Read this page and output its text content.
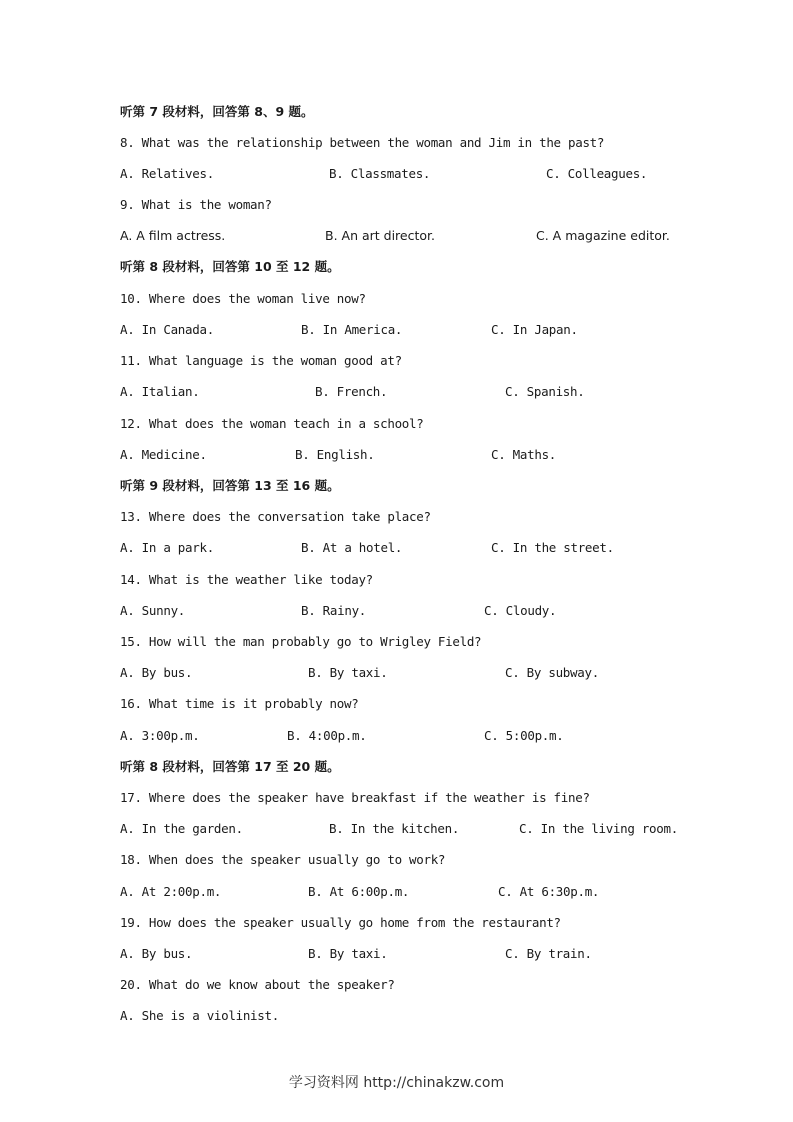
听第 7 段材料，回答第 8、9 题。
8. What was the relationship between the woman and Jim in the past?
A. Relatives.	B. Classmates.	C. Colleagues.
9. What is the woman?
A. A film actress.	B. An art director.	C. A magazine editor.
听第 8 段材料，回答第 10 至 12 题。
10. Where does the woman live now?
A. In Canada.	B. In America.	C. In Japan.
11. What language is the woman good at?
A. Italian.	B. French.	C. Spanish.
12. What does the woman teach in a school?
A. Medicine.	B. English.	C. Maths.
听第 9 段材料，回答第 13 至 16 题。
13. Where does the conversation take place?
A. In a park.	B. At a hotel.	C. In the street.
14. What is the weather like today?
A. Sunny.	B. Rainy.	C. Cloudy.
15. How will the man probably go to Wrigley Field?
A. By bus.	B. By taxi.	C. By subway.
16. What time is it probably now?
A. 3:00p.m.	B. 4:00p.m.	C. 5:00p.m.
听第 8 段材料，回答第 17 至 20 题。
17. Where does the speaker have breakfast if the weather is fine?
A. In the garden.	B. In the kitchen.	C. In the living room.
18. When does the speaker usually go to work?
A. At 2:00p.m.	B. At 6:00p.m.	C. At 6:30p.m.
19. How does the speaker usually go home from the restaurant?
A. By bus.	B. By taxi.	C. By train.
20. What do we know about the speaker?
A. She is a violinist.
学习资料网 http://chinakzw.com
